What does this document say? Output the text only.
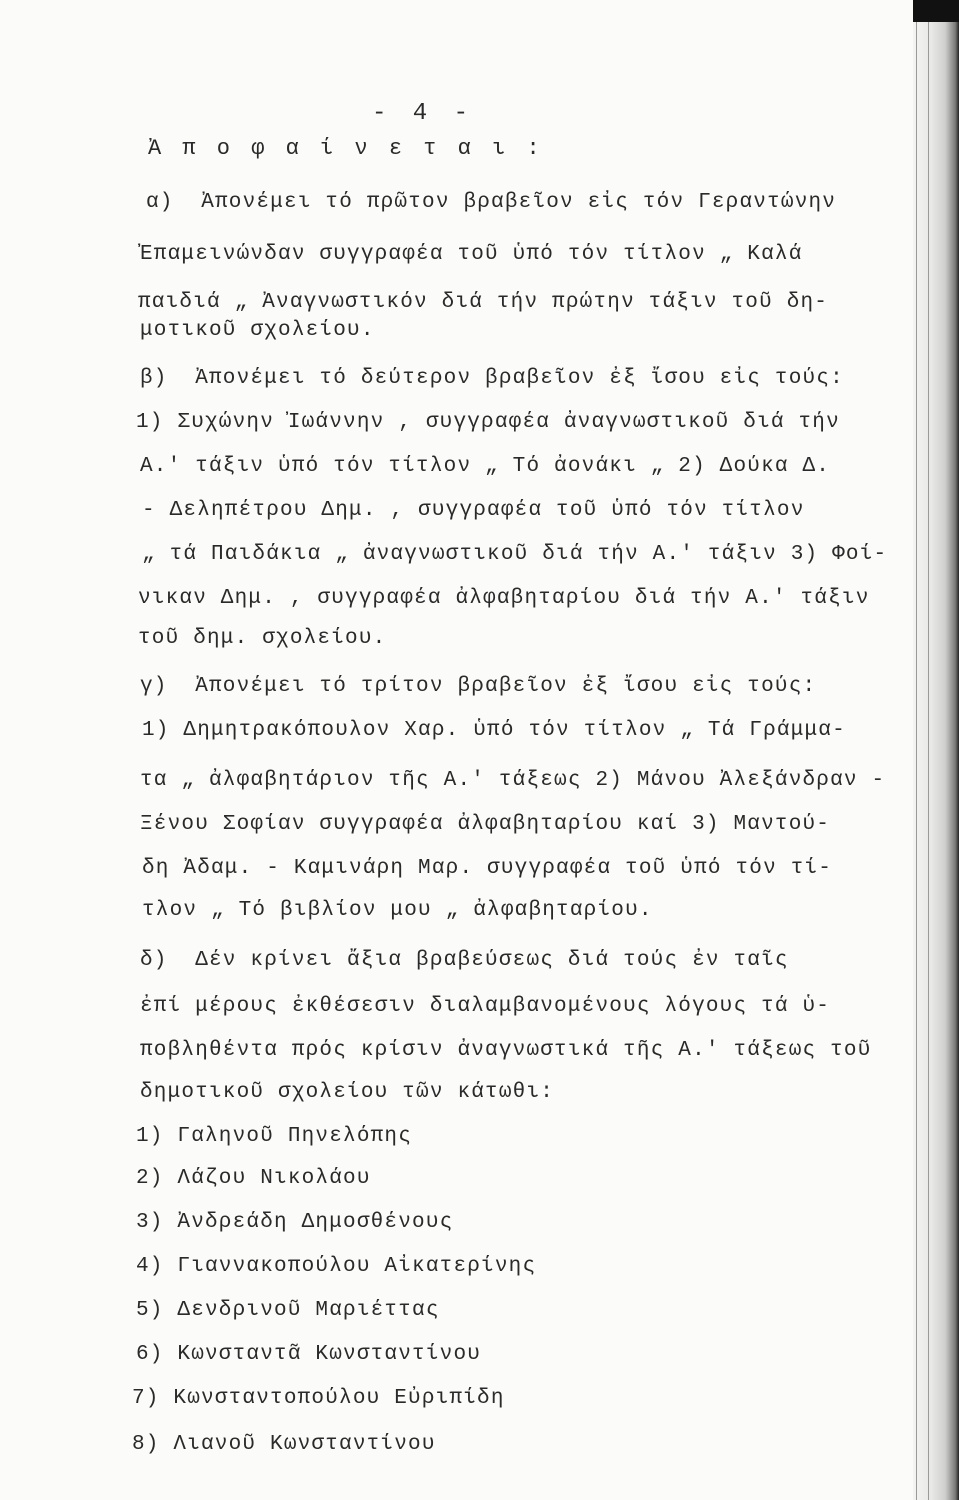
- 4 -
Ἀ π ο φ α ί ν ε τ α ι :
α)  Ἀπονέμει τό πρῶτον βραβεῖον εἰς τόν Γεραντώνην
Ἐπαμεινώνδαν συγγραφέα τοῦ ὑπό τόν τίτλον „ Καλά
παιδιά „ Ἀναγνωστικόν διά τήν πρώτην τάξιν τοῦ δη-
μοτικοῦ σχολείου.
β)  Ἀπονέμει τό δεύτερον βραβεῖον ἐξ ἴσου εἰς τούς:
1) Συχώνην Ἰωάννην , συγγραφέα ἀναγνωστικοῦ διά τήν
Α.' τάξιν ὑπό τόν τίτλον „ Τό ἀονάκι „ 2) Δούκα Δ.
- Δεληπέτρου Δημ. , συγγραφέα τοῦ ὑπό τόν τίτλον
„ τά Παιδάκια „ ἀναγνωστικοῦ διά τήν Α.' τάξιν 3) Φοί-
νικαν Δημ. , συγγραφέα ἀλφαβηταρίου διά τήν Α.' τάξιν
τοῦ δημ. σχολείου.
γ)  Ἀπονέμει τό τρίτον βραβεῖον ἐξ ἴσου εἰς τούς:
1) Δημητρακόπουλον Χαρ. ὑπό τόν τίτλον „ Τά Γράμμα-
τα „ ἀλφαβητάριον τῆς Α.' τάξεως 2) Μάνου Ἀλεξάνδραν -
Ξένου Σοφίαν συγγραφέα ἀλφαβηταρίου καί 3) Μαντού-
δη Ἀδαμ. - Καμινάρη Μαρ. συγγραφέα τοῦ ὑπό τόν τί-
τλον „ Τό βιβλίον μου „ ἀλφαβηταρίου.
δ)  Δέν κρίνει ἄξια βραβεύσεως διά τούς ἐν ταῖς
ἐπί μέρους ἐκθέσεσιν διαλαμβανομένους λόγους τά ὑ-
ποβληθέντα πρός κρίσιν ἀναγνωστικά τῆς Α.' τάξεως τοῦ
δημοτικοῦ σχολείου τῶν κάτωθι:
1) Γαληνοῦ Πηνελόπης
2) Λάζου Νικολάου
3) Ἀνδρεάδη Δημοσθένους
4) Γιαννακοπούλου Αἰκατερίνης
5) Δενδρινοῦ Μαριέττας
6) Κωνσταντᾶ Κωνσταντίνου
7) Κωνσταντοπούλου Εὐριπίδη
8) Λιανοῦ Κωνσταντίνου
